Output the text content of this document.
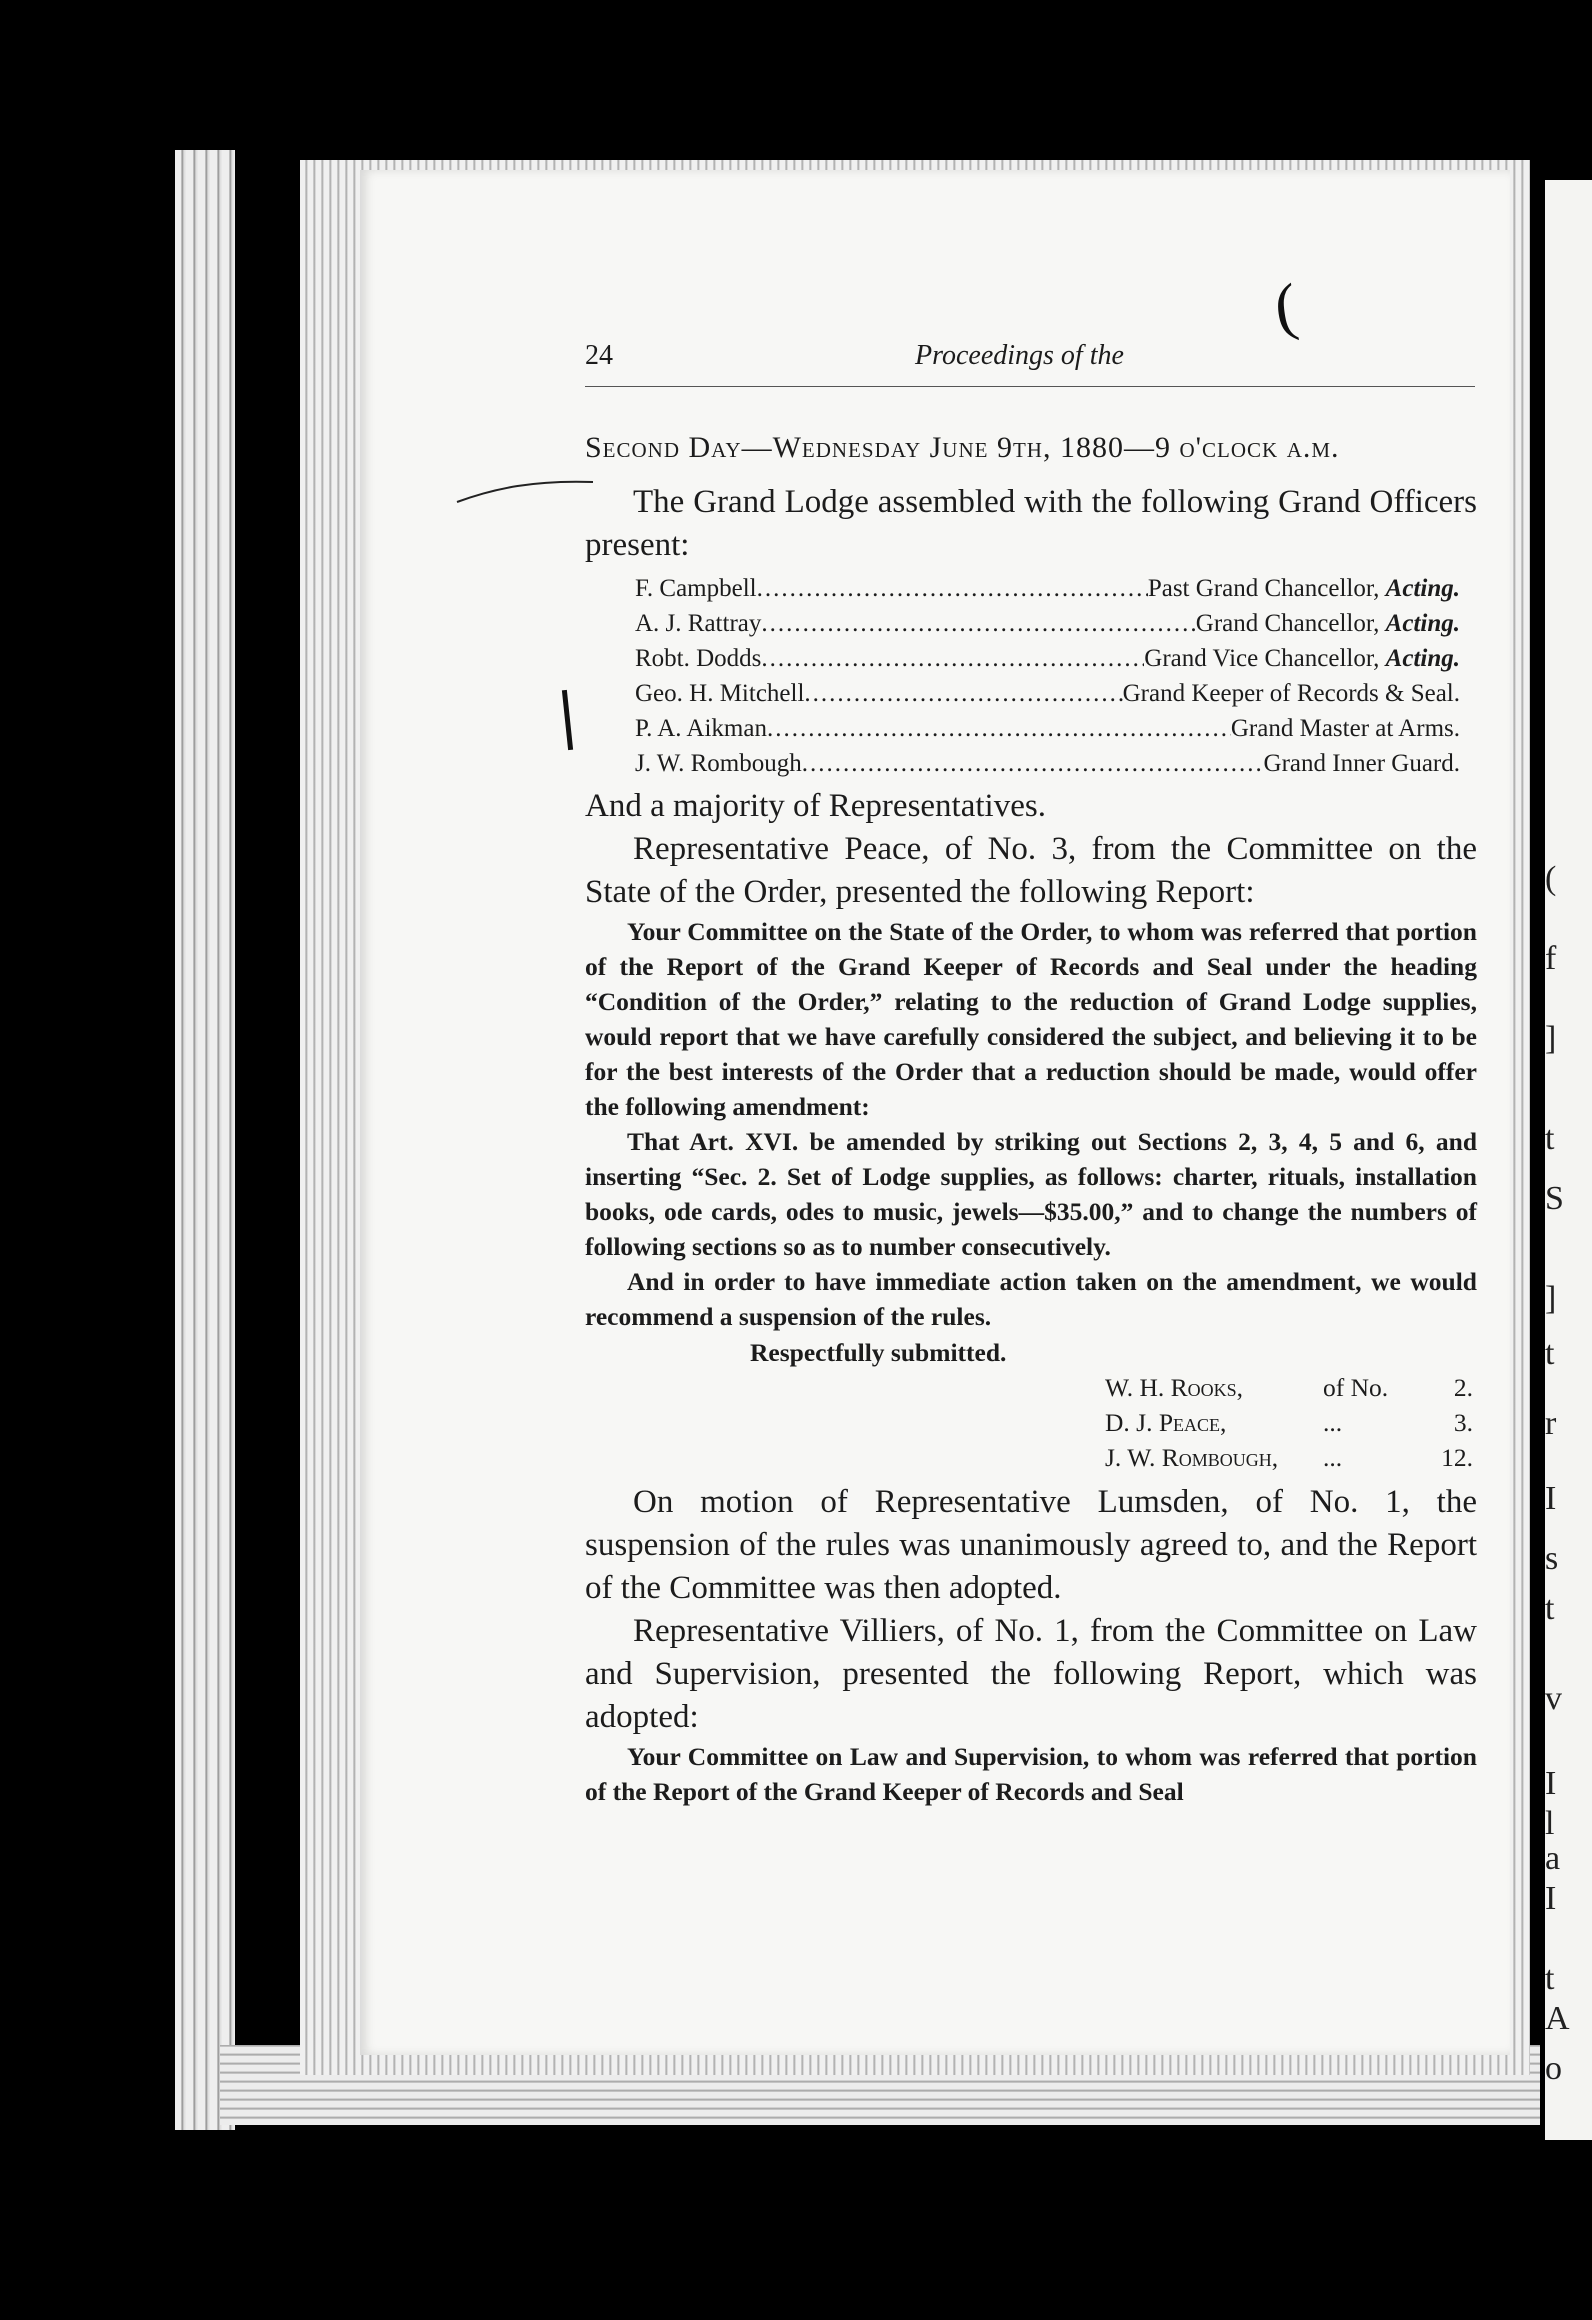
(
f
]
t
S
]
t
r
I
s
t
v
I
l
a
I
t
A
o
(
24	Proceedings of the
Second Day—Wednesday June 9th, 1880—9 o'clock a.m.

The Grand Lodge assembled with the following Grand Officers present:

F. Campbell .....	Past Grand Chancellor, Acting.
A. J. Rattray .....	Grand Chancellor, Acting.
Robt. Dodds .....	Grand Vice Chancellor, Acting.
Geo. H. Mitchell .....	Grand Keeper of Records & Seal.
P. A. Aikman .....	Grand Master at Arms.
J. W. Rombough .....	Grand Inner Guard.

And a majority of Representatives.

Representative Peace, of No. 3, from the Committee on the State of the Order, presented the following Report:

Your Committee on the State of the Order, to whom was referred that portion of the Report of the Grand Keeper of Records and Seal under the heading “Condition of the Order,” relating to the reduction of Grand Lodge supplies, would report that we have carefully considered the subject, and believing it to be for the best interests of the Order that a reduction should be made, would offer the following amendment:

That Art. XVI. be amended by striking out Sections 2, 3, 4, 5 and 6, and inserting “Sec. 2. Set of Lodge supplies, as follows: charter, rituals, installation books, ode cards, odes to music, jewels—$35.00,” and to change the numbers of following sections so as to number consecutively.

And in order to have immediate action taken on the amendment, we would recommend a suspension of the rules.

Respectfully submitted.
W. H. Rooks,	of No.	2.
D. J. Peace,	...	3.
J. W. Rombough,	...	12.

On motion of Representative Lumsden, of No. 1, the suspension of the rules was unanimously agreed to, and the Report of the Committee was then adopted.

Representative Villiers, of No. 1, from the Committee on Law and Supervision, presented the following Report, which was adopted:

Your Committee on Law and Supervision, to whom was referred that portion of the Report of the Grand Keeper of Records and Seal
